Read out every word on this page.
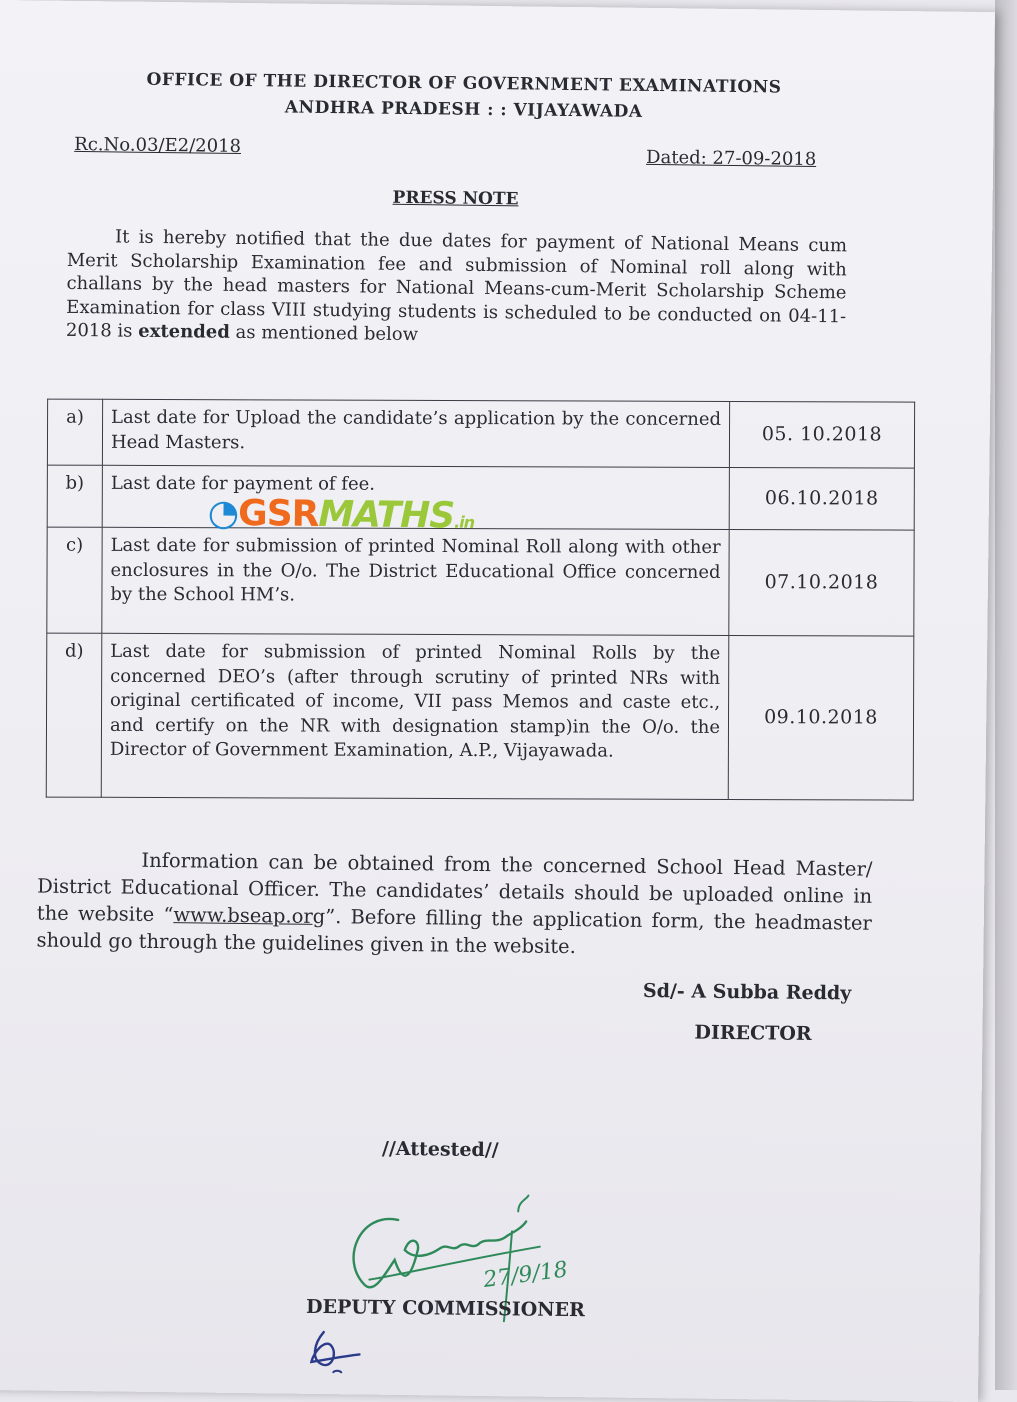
OFFICE OF THE DIRECTOR OF GOVERNMENT EXAMINATIONS
ANDHRA PRADESH : : VIJAYAWADA
Rc.No.03/E2/2018
Dated: 27-09-2018
PRESS NOTE
It is hereby notified that the due dates for payment of National Means cum Merit Scholarship Examination fee and submission of Nominal roll along with challans by the head masters for National Means-cum-Merit Scholarship Scheme Examination for class VIII studying students is scheduled to be conducted on 04-11-2018 is extended as mentioned below
a)	Last date for Upload the candidate’s application by the concerned Head Masters.	05. 10.2018
b)	Last date for payment of fee.	06.10.2018
c)	Last date for submission of printed Nominal Roll along with other enclosures in the O/o. The District Educational Office concerned by the School HM’s.	07.10.2018
d)	Last date for submission of printed Nominal Rolls by the concerned DEO’s (after through scrutiny of printed NRs with original certificated of income, VII pass Memos and caste etc., and certify on the NR with designation stamp)in the O/o. the Director of Government Examination, A.P., Vijayawada.	09.10.2018
◔GSRMATHS.in
Information can be obtained from the concerned School Head Master/ District Educational Officer. The candidates’ details should be uploaded online in the website “www.bseap.org”. Before filling the application form, the headmaster should go through the guidelines given in the website.
Sd/- A Subba Reddy
DIRECTOR
//Attested//
27/9/18
DEPUTY COMMISSIONER
